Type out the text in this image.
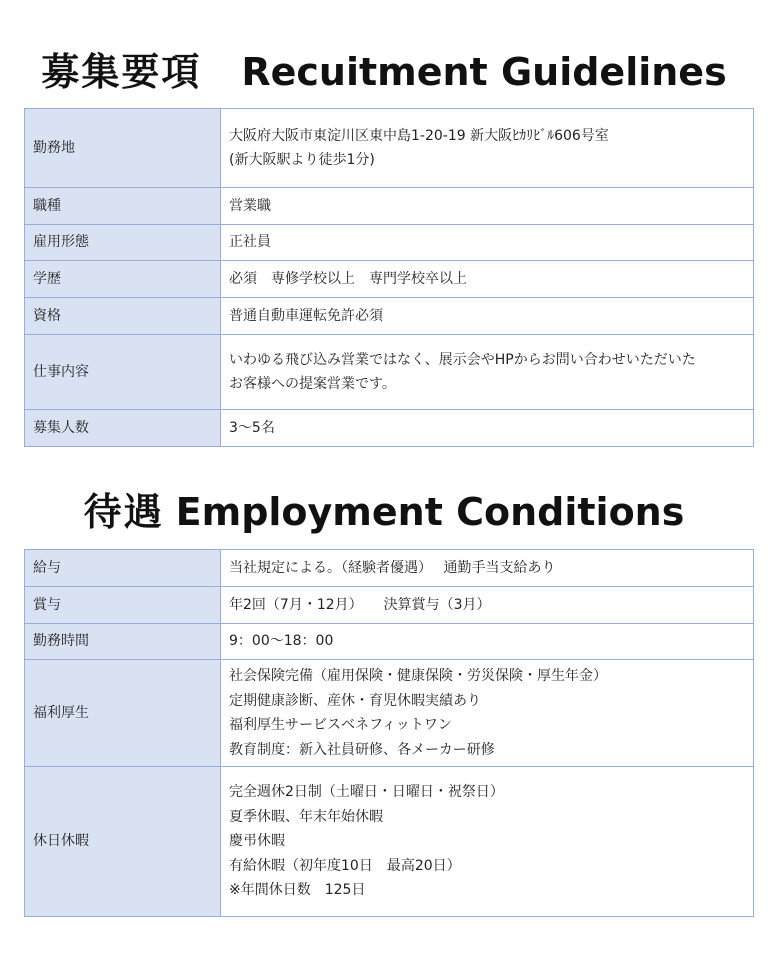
募集要項 Recuitment Guidelines
勤務地	大阪府大阪市東淀川区東中島1-20-19 新大阪ﾋｶﾘﾋﾞﾙ606号室
(新大阪駅より徒歩1分)

職種	営業職

雇用形態	正社員

学歴	必須　専修学校以上　専門学校卒以上

資格	普通自動車運転免許必須

仕事内容	いわゆる飛び込み営業ではなく、展示会やHPからお問い合わせいただいた
お客様への提案営業です。

募集人数	3〜5名
待遇 Employment Conditions
給与	当社規定による。（経験者優遇）　 通勤手当支給あり

賞与	年2回（7月・12月）　　決算賞与（3月）

勤務時間	9：00〜18：00

福利厚生	社会保険完備（雇用保険・健康保険・労災保険・厚生年金）
定期健康診断、産休・育児休暇実績あり
福利厚生サービスベネフィットワン
教育制度：新入社員研修、各メーカー研修

休日休暇	完全週休2日制（土曜日・日曜日・祝祭日）
夏季休暇、年末年始休暇
慶弔休暇
有給休暇（初年度10日　最高20日）
※年間休日数　125日
